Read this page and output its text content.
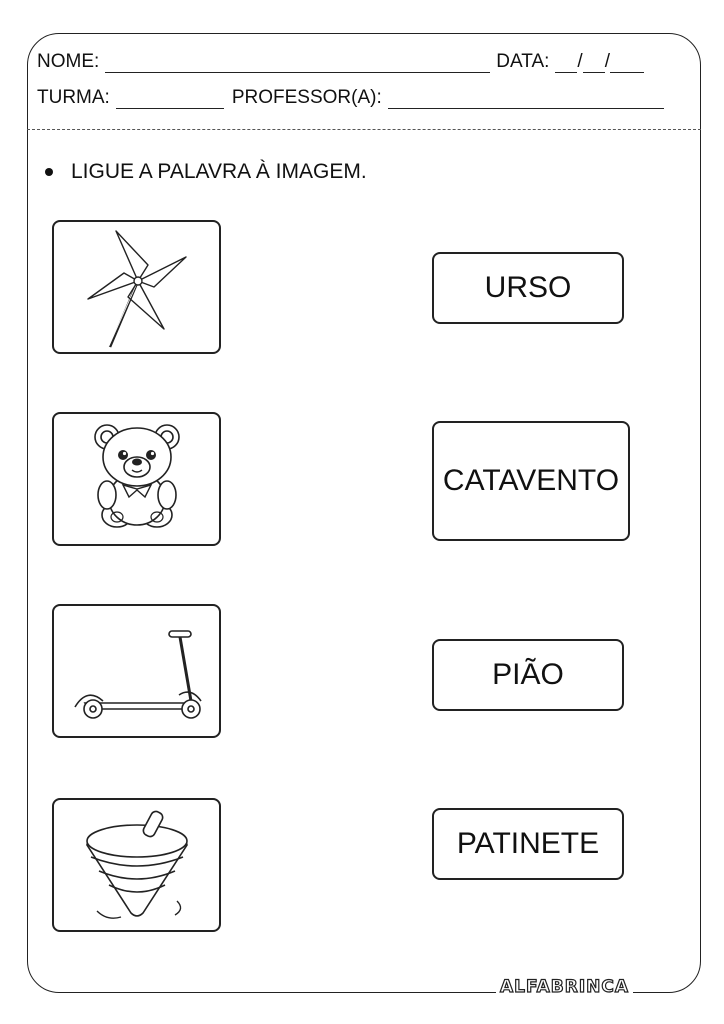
NOME:	DATA: / /
TURMA:	PROFESSOR(A):
LIGUE A PALAVRA À IMAGEM.
URSO
CATAVENTO
PIÃO
PATINETE
ALFABRINCA
